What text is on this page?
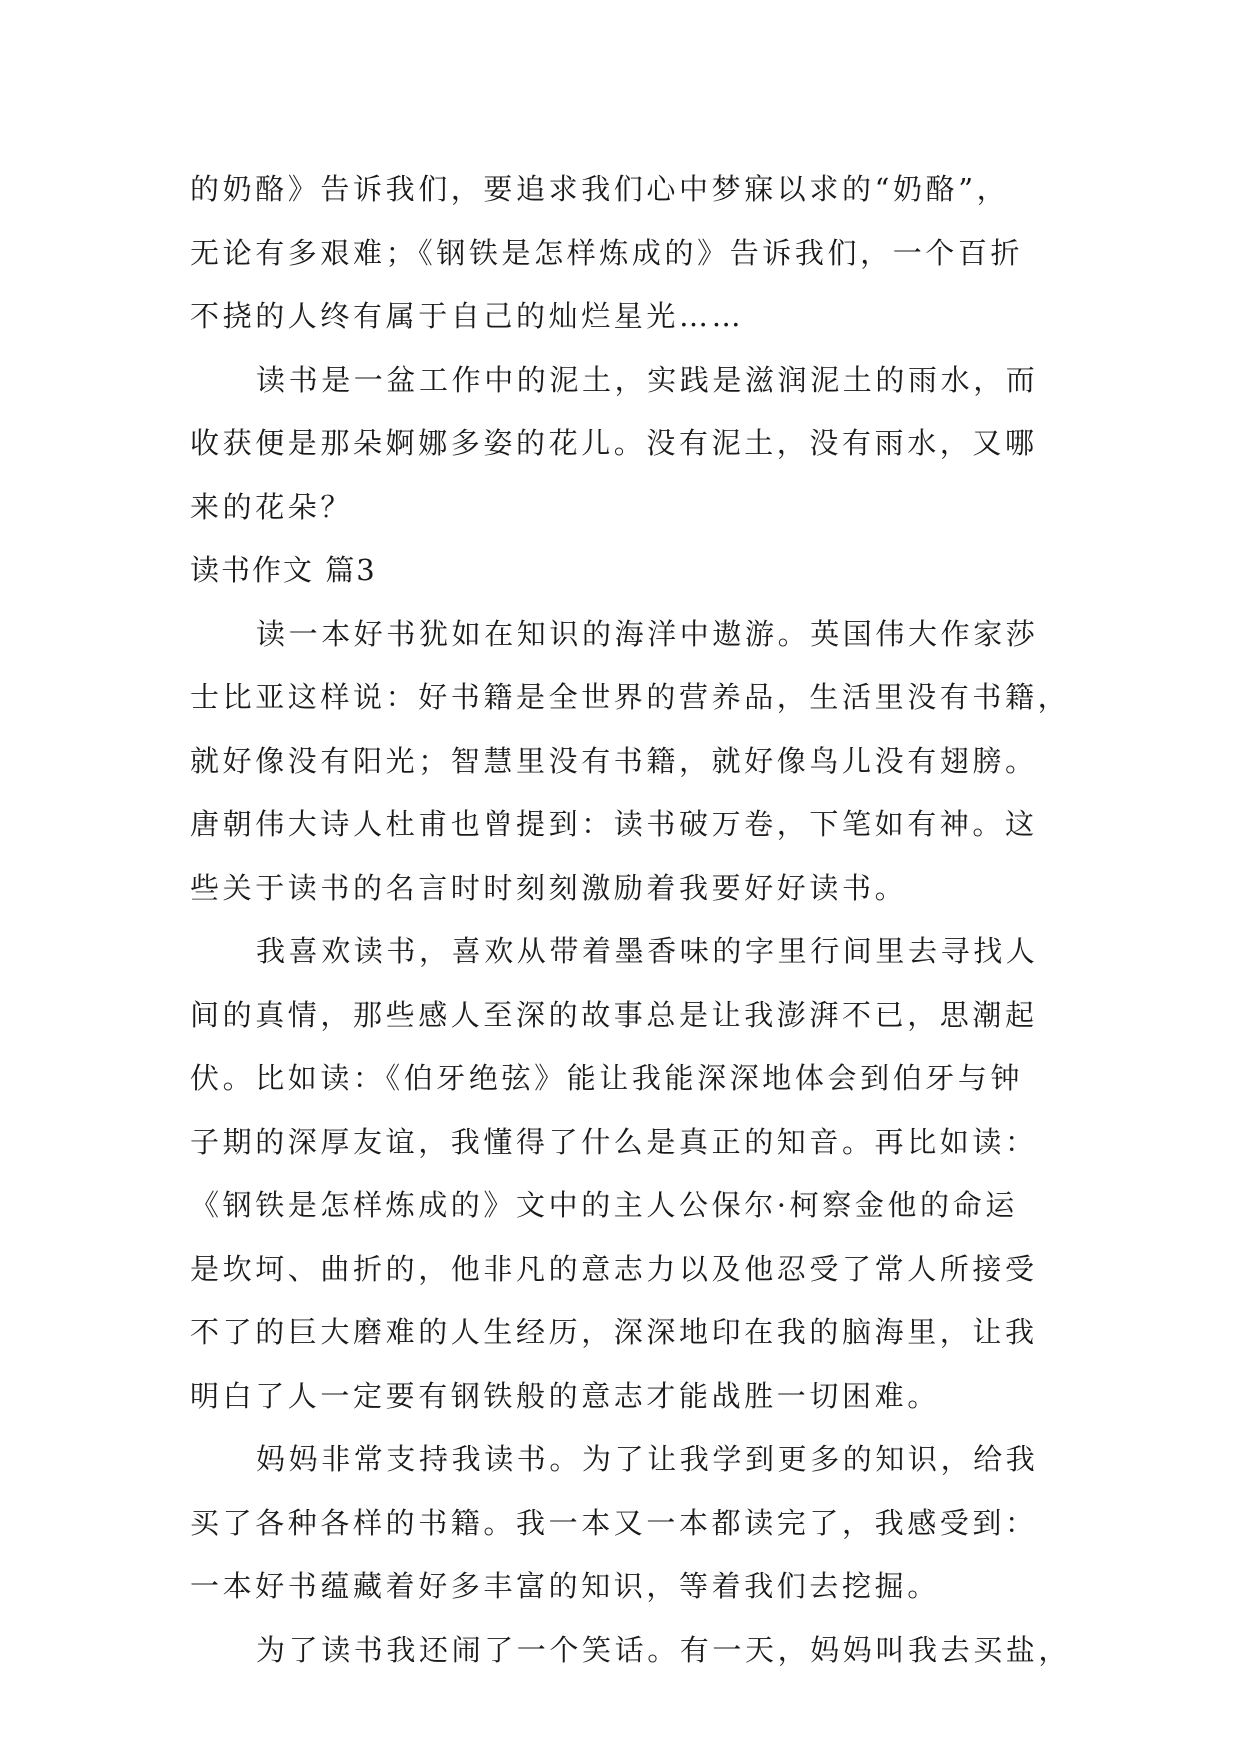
的奶酪》告诉我们，要追求我们心中梦寐以求的“奶酪”，
无论有多艰难；《钢铁是怎样炼成的》告诉我们，一个百折
不挠的人终有属于自己的灿烂星光……
读书是一盆工作中的泥土，实践是滋润泥土的雨水，而
收获便是那朵婀娜多姿的花儿。没有泥土，没有雨水，又哪
来的花朵？
读书作文 篇3
读一本好书犹如在知识的海洋中遨游。英国伟大作家莎
士比亚这样说：好书籍是全世界的营养品，生活里没有书籍，
就好像没有阳光；智慧里没有书籍，就好像鸟儿没有翅膀。
唐朝伟大诗人杜甫也曾提到：读书破万卷，下笔如有神。这
些关于读书的名言时时刻刻激励着我要好好读书。
我喜欢读书，喜欢从带着墨香味的字里行间里去寻找人
间的真情，那些感人至深的故事总是让我澎湃不已，思潮起
伏。比如读：《伯牙绝弦》能让我能深深地体会到伯牙与钟
子期的深厚友谊，我懂得了什么是真正的知音。再比如读：
《钢铁是怎样炼成的》文中的主人公保尔·柯察金他的命运
是坎坷、曲折的，他非凡的意志力以及他忍受了常人所接受
不了的巨大磨难的人生经历，深深地印在我的脑海里，让我
明白了人一定要有钢铁般的意志才能战胜一切困难。
妈妈非常支持我读书。为了让我学到更多的知识，给我
买了各种各样的书籍。我一本又一本都读完了，我感受到：
一本好书蕴藏着好多丰富的知识，等着我们去挖掘。
为了读书我还闹了一个笑话。有一天，妈妈叫我去买盐，
